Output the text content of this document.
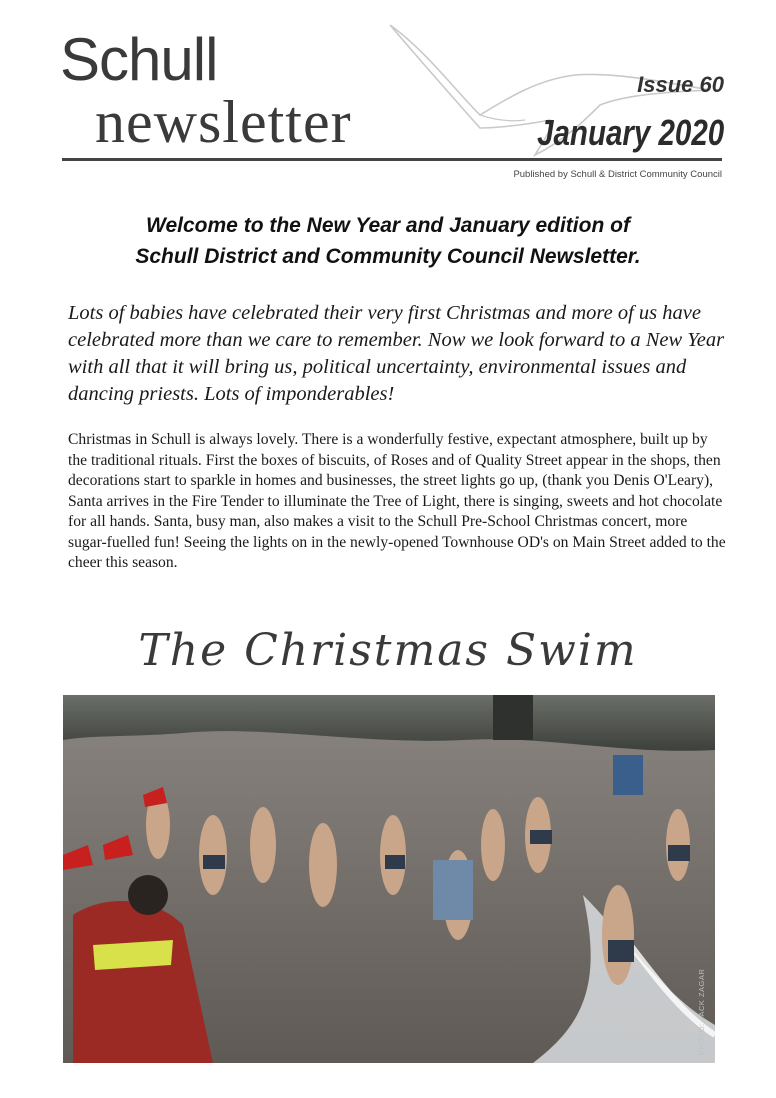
Schull
newsletter
Issue 60
January 2020
Published by Schull & District Community Council
Welcome to the New Year and January edition of
Schull District and Community Council Newsletter.
Lots of babies have celebrated their very first Christmas and more of us have celebrated more than we care to remember. Now we look forward to a New Year with all that it will bring us, political uncertainty, environmental issues and dancing priests. Lots of imponderables!
Christmas in Schull is always lovely. There is a wonderfully festive, expectant atmosphere, built up by the traditional rituals. First the boxes of biscuits, of Roses and of Quality Street appear in the shops, then decorations start to sparkle in homes and businesses, the street lights go up, (thank you Denis O'Leary), Santa arrives in the Fire Tender to illuminate the Tree of Light, there is singing, sweets and hot chocolate for all hands. Santa, busy man, also makes a visit to the Schull Pre-School Christmas concert, more sugar-fuelled fun! Seeing the lights on in the newly-opened Townhouse OD's on Main Street added to the cheer this season.
The Christmas Swim
PHOTO: JACK ZAGAR
